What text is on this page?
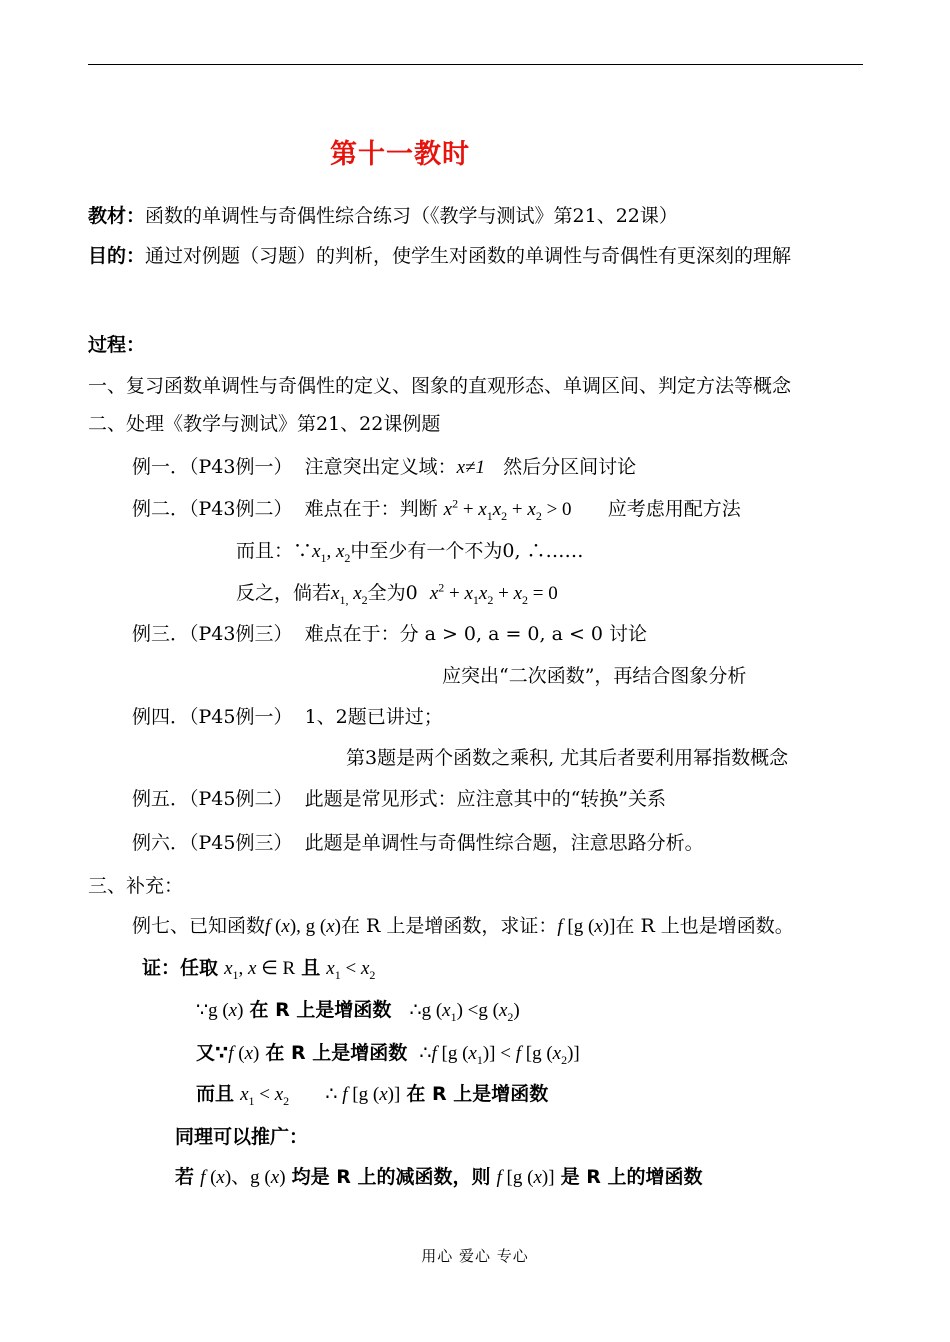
第十一教时
教材：函数的单调性与奇偶性综合练习（《教学与测试》第21、22课）
目的：通过对例题（习题）的判析，使学生对函数的单调性与奇偶性有更深刻的理解
过程：
一、复习函数单调性与奇偶性的定义、图象的直观形态、单调区间、判定方法等概念
二、处理《教学与测试》第21、22课例题
例一．（P43例一） 注意突出定义域：x≠1 然后分区间讨论
例二．（P43例二） 难点在于：判断 $x^2 + x_1x_2 + x_2 > 0$ 应考虑用配方法
而且：$\because x_1$, $x_2$中至少有一个不为0, ∴……
反之，倘若$x_{1,}$ $x_2$全为0 $x^2 + x_1x_2 + x_2 = 0$
例三．（P43例三） 难点在于：分 a > 0, a = 0, a < 0 讨论
应突出“二次函数”，再结合图象分析
例四．（P45例一） 1、2题已讲过；
第3题是两个函数之乘积, 尤其后者要利用幂指数概念
例五．（P45例二） 此题是常见形式：应注意其中的“转换 • •”关系
例六．（P45例三） 此题是单调性与奇偶性综合题，注意思路分析。
三、补充：
例七、已知函数f (x), g (x)在 R 上是增函数，求证：f [g (x)]在 R 上也是增函数。
证：任取 $x_1$, x ∈ R 且 $x_1 < x_2$
∵g (x) 在 R 上是增函数 ∴g $(x_1) <g$ $(x_2)$
又∵f (x) 在 R 上是增函数 ∴f [g $(x_1)] < f$ [g $(x_2)$]
而且 $x_1 < x_2$ ∴ f [g (x)] 在 R 上是增函数
同理可以推广：
若 f (x)、g (x) 均是 R 上的减函数，则 f [g (x)] 是 R 上的增函数
用心 爱心 专心
